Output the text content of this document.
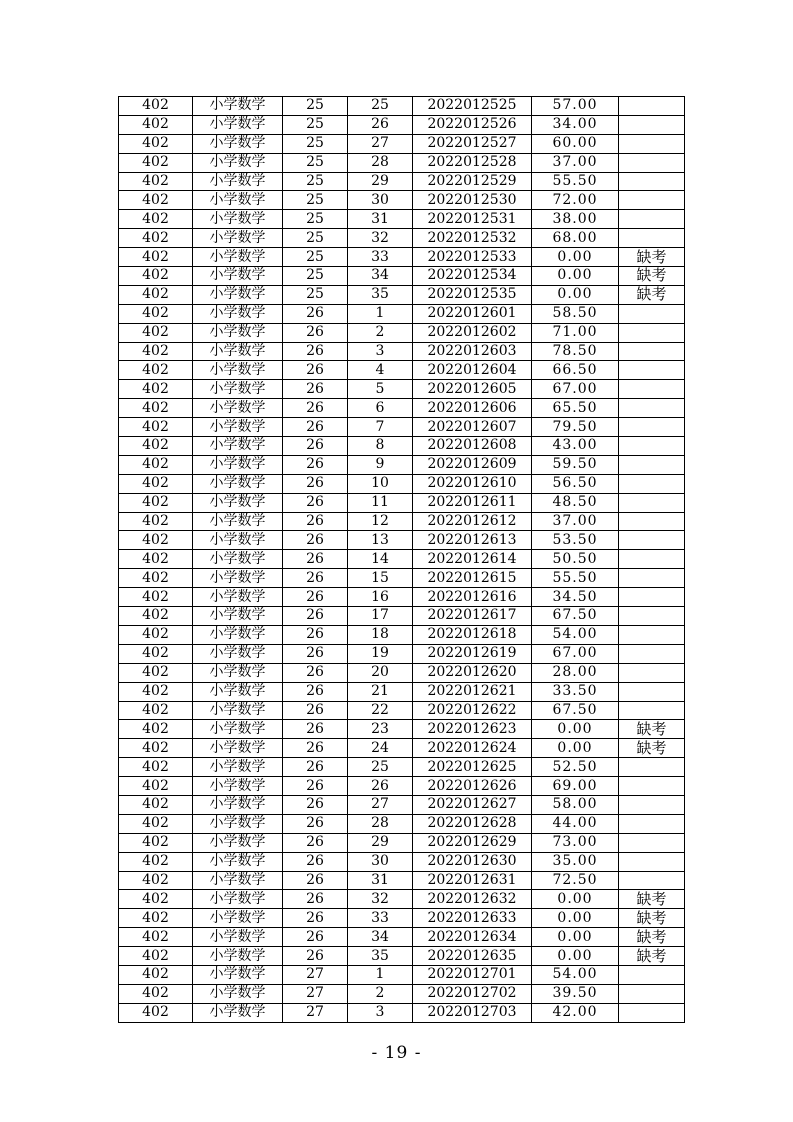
402	小学数学	25	25	2022012525	57.00	
402	小学数学	25	26	2022012526	34.00	
402	小学数学	25	27	2022012527	60.00	
402	小学数学	25	28	2022012528	37.00	
402	小学数学	25	29	2022012529	55.50	
402	小学数学	25	30	2022012530	72.00	
402	小学数学	25	31	2022012531	38.00	
402	小学数学	25	32	2022012532	68.00	
402	小学数学	25	33	2022012533	0.00	缺考
402	小学数学	25	34	2022012534	0.00	缺考
402	小学数学	25	35	2022012535	0.00	缺考
402	小学数学	26	1	2022012601	58.50	
402	小学数学	26	2	2022012602	71.00	
402	小学数学	26	3	2022012603	78.50	
402	小学数学	26	4	2022012604	66.50	
402	小学数学	26	5	2022012605	67.00	
402	小学数学	26	6	2022012606	65.50	
402	小学数学	26	7	2022012607	79.50	
402	小学数学	26	8	2022012608	43.00	
402	小学数学	26	9	2022012609	59.50	
402	小学数学	26	10	2022012610	56.50	
402	小学数学	26	11	2022012611	48.50	
402	小学数学	26	12	2022012612	37.00	
402	小学数学	26	13	2022012613	53.50	
402	小学数学	26	14	2022012614	50.50	
402	小学数学	26	15	2022012615	55.50	
402	小学数学	26	16	2022012616	34.50	
402	小学数学	26	17	2022012617	67.50	
402	小学数学	26	18	2022012618	54.00	
402	小学数学	26	19	2022012619	67.00	
402	小学数学	26	20	2022012620	28.00	
402	小学数学	26	21	2022012621	33.50	
402	小学数学	26	22	2022012622	67.50	
402	小学数学	26	23	2022012623	0.00	缺考
402	小学数学	26	24	2022012624	0.00	缺考
402	小学数学	26	25	2022012625	52.50	
402	小学数学	26	26	2022012626	69.00	
402	小学数学	26	27	2022012627	58.00	
402	小学数学	26	28	2022012628	44.00	
402	小学数学	26	29	2022012629	73.00	
402	小学数学	26	30	2022012630	35.00	
402	小学数学	26	31	2022012631	72.50	
402	小学数学	26	32	2022012632	0.00	缺考
402	小学数学	26	33	2022012633	0.00	缺考
402	小学数学	26	34	2022012634	0.00	缺考
402	小学数学	26	35	2022012635	0.00	缺考
402	小学数学	27	1	2022012701	54.00	
402	小学数学	27	2	2022012702	39.50	
402	小学数学	27	3	2022012703	42.00	
- 19 -
